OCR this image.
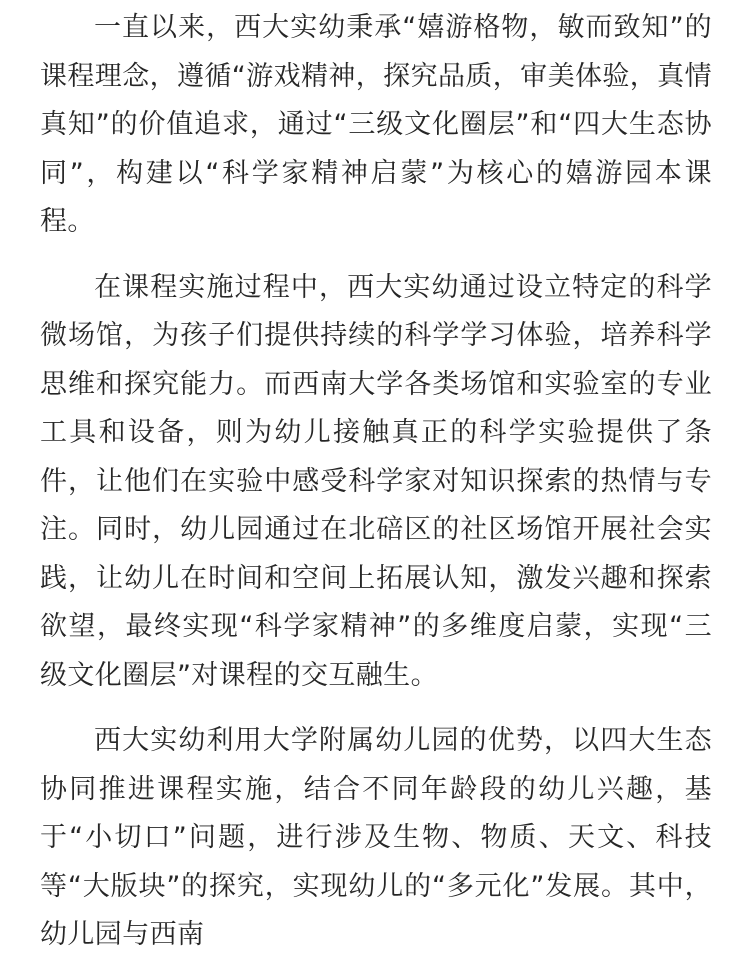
一直以来，西大实幼秉承“嬉游格物，敏而致知”的课程理念，遵循“游戏精神，探究品质，审美体验，真情真知”的价值追求，通过“三级文化圈层”和“四大生态协同”，构建以“科学家精神启蒙”为核心的嬉游园本课程。

在课程实施过程中，西大实幼通过设立特定的科学微场馆，为孩子们提供持续的科学学习体验，培养科学思维和探究能力。而西南大学各类场馆和实验室的专业工具和设备，则为幼儿接触真正的科学实验提供了条件，让他们在实验中感受科学家对知识探索的热情与专注。同时，幼儿园通过在北碚区的社区场馆开展社会实践，让幼儿在时间和空间上拓展认知，激发兴趣和探索欲望，最终实现“科学家精神”的多维度启蒙，实现“三级文化圈层”对课程的交互融生。

西大实幼利用大学附属幼儿园的优势，以四大生态协同推进课程实施，结合不同年龄段的幼儿兴趣，基于“小切口”问题，进行涉及生物、物质、天文、科技等“大版块”的探究，实现幼儿的“多元化”发展。其中，幼儿园与西南
